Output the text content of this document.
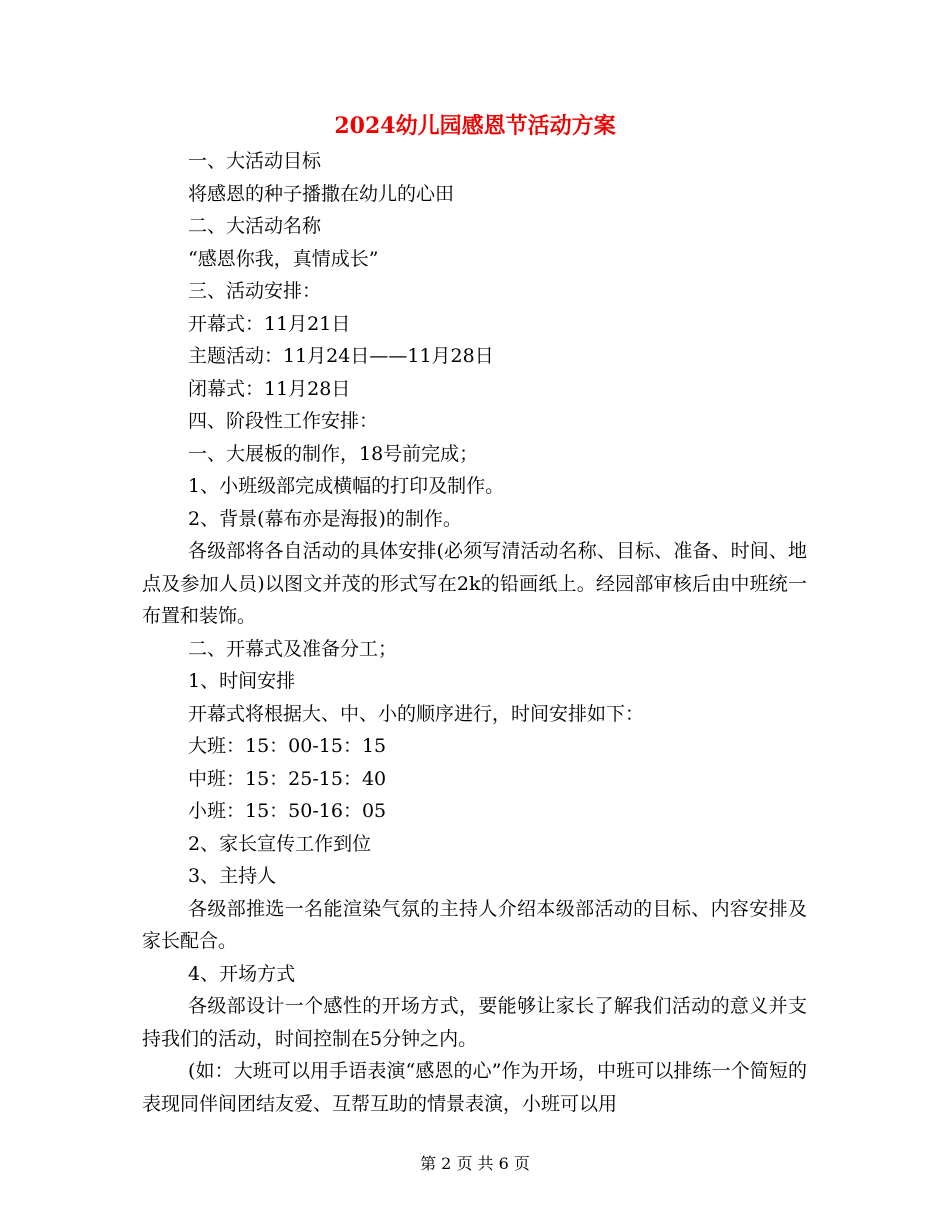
2024幼儿园感恩节活动方案

一、大活动目标

将感恩的种子播撒在幼儿的心田

二、大活动名称

“感恩你我，真情成长”

三、活动安排：

开幕式：11月21日

主题活动：11月24日——11月28日

闭幕式：11月28日

四、阶段性工作安排：

一、大展板的制作，18号前完成；

1、小班级部完成横幅的打印及制作。

2、背景(幕布亦是海报)的制作。

各级部将各自活动的具体安排(必须写清活动名称、目标、准备、时间、地点及参加人员)以图文并茂的形式写在2k的铅画纸上。经园部审核后由中班统一布置和装饰。

二、开幕式及准备分工；

1、时间安排

开幕式将根据大、中、小的顺序进行，时间安排如下：

大班：15：00-15：15

中班：15：25-15：40

小班：15：50-16：05

2、家长宣传工作到位

3、主持人

各级部推选一名能渲染气氛的主持人介绍本级部活动的目标、内容安排及家长配合。

4、开场方式

各级部设计一个感性的开场方式，要能够让家长了解我们活动的意义并支持我们的活动，时间控制在5分钟之内。

(如：大班可以用手语表演“感恩的心”作为开场，中班可以排练一个简短的表现同伴间团结友爱、互帮互助的情景表演，小班可以用

第 2 页 共 6 页
